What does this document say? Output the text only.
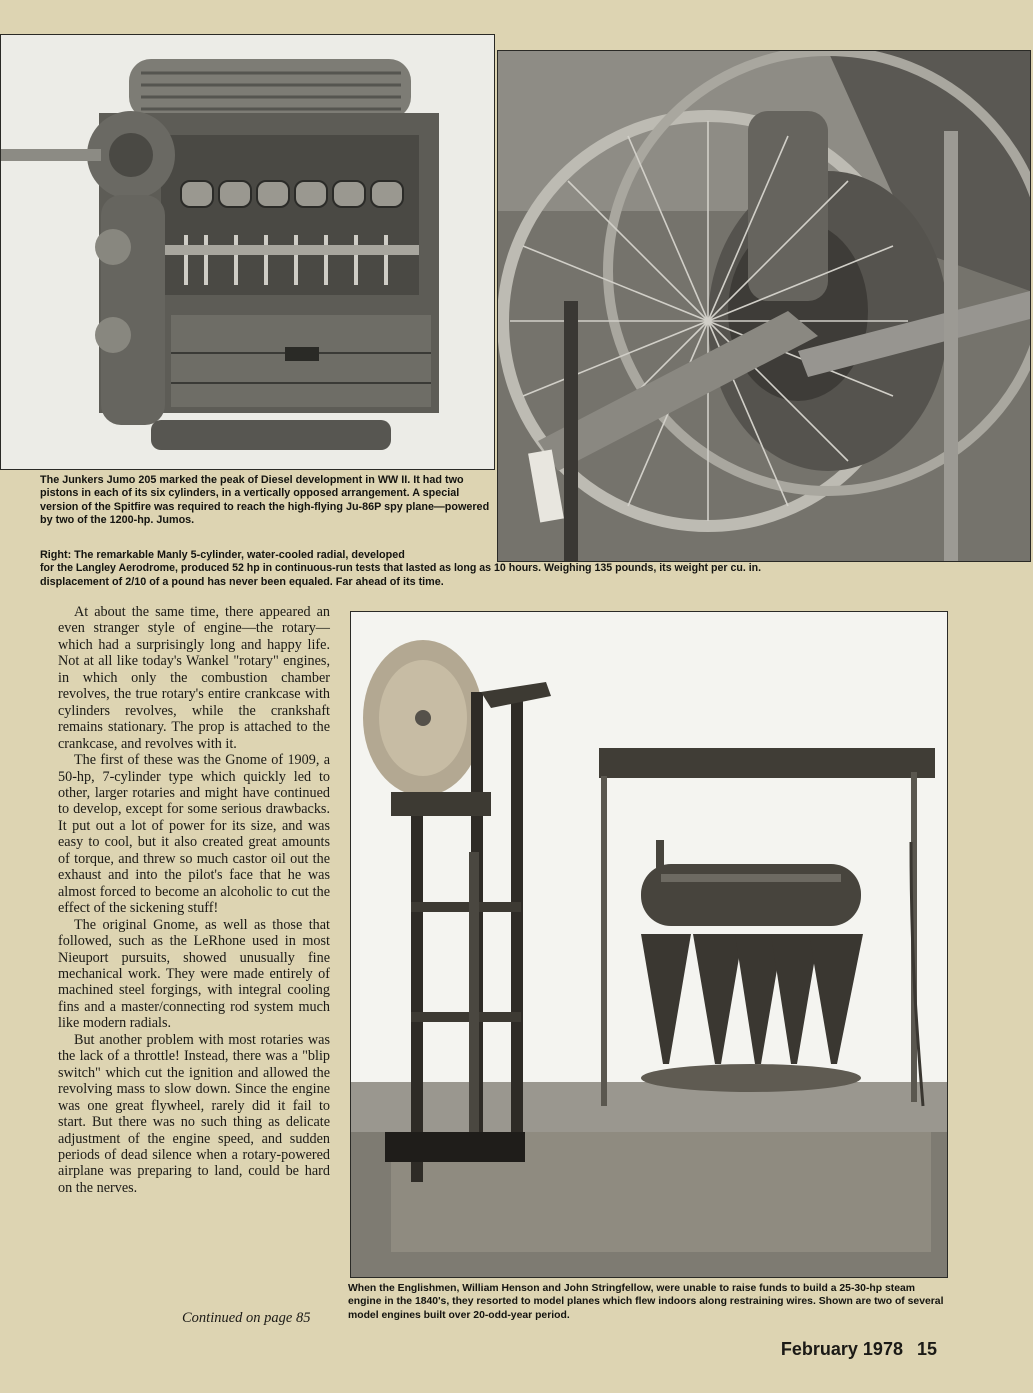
The Junkers Jumo 205 marked the peak of Diesel development in WW II. It had two pistons in each of its six cylinders, in a vertically opposed arrangement. A special version of the Spitfire was required to reach the high-flying Ju-86P spy plane—powered by two of the 1200-hp. Jumos.
Right: The remarkable Manly 5-cylinder, water-cooled radial, developed
for the Langley Aerodrome, produced 52 hp in continuous-run tests that lasted as long as 10 hours. Weighing 135 pounds, its weight per cu. in.
displacement of 2/10 of a pound has never been equaled. Far ahead of its time.
When the Englishmen, William Henson and John Stringfellow, were unable to raise funds to build a 25-30-hp steam engine in the 1840's, they resorted to model planes which flew indoors along restraining wires. Shown are two of several model engines built over 20-odd-year period.

At about the same time, there appeared an even stranger style of engine—the rotary—which had a surprisingly long and happy life. Not at all like today's Wankel "rotary" engines, in which only the combustion chamber revolves, the true rotary's entire crankcase with cylinders revolves, while the crankshaft remains stationary. The prop is attached to the crankcase, and revolves with it.

The first of these was the Gnome of 1909, a 50-hp, 7-cylinder type which quickly led to other, larger rotaries and might have continued to develop, except for some serious drawbacks. It put out a lot of power for its size, and was easy to cool, but it also created great amounts of torque, and threw so much castor oil out the exhaust and into the pilot's face that he was almost forced to become an alcoholic to cut the effect of the sickening stuff!

The original Gnome, as well as those that followed, such as the LeRhone used in most Nieuport pursuits, showed unusually fine mechanical work. They were made entirely of machined steel forgings, with integral cooling fins and a master/connecting rod system much like modern radials.

But another problem with most rotaries was the lack of a throttle! Instead, there was a "blip switch" which cut the ignition and allowed the revolving mass to slow down. Since the engine was one great flywheel, rarely did it fail to start. But there was no such thing as delicate adjustment of the engine speed, and sudden periods of dead silence when a rotary-powered airplane was preparing to land, could be hard on the nerves.

Continued on page 85
February 1978 15
